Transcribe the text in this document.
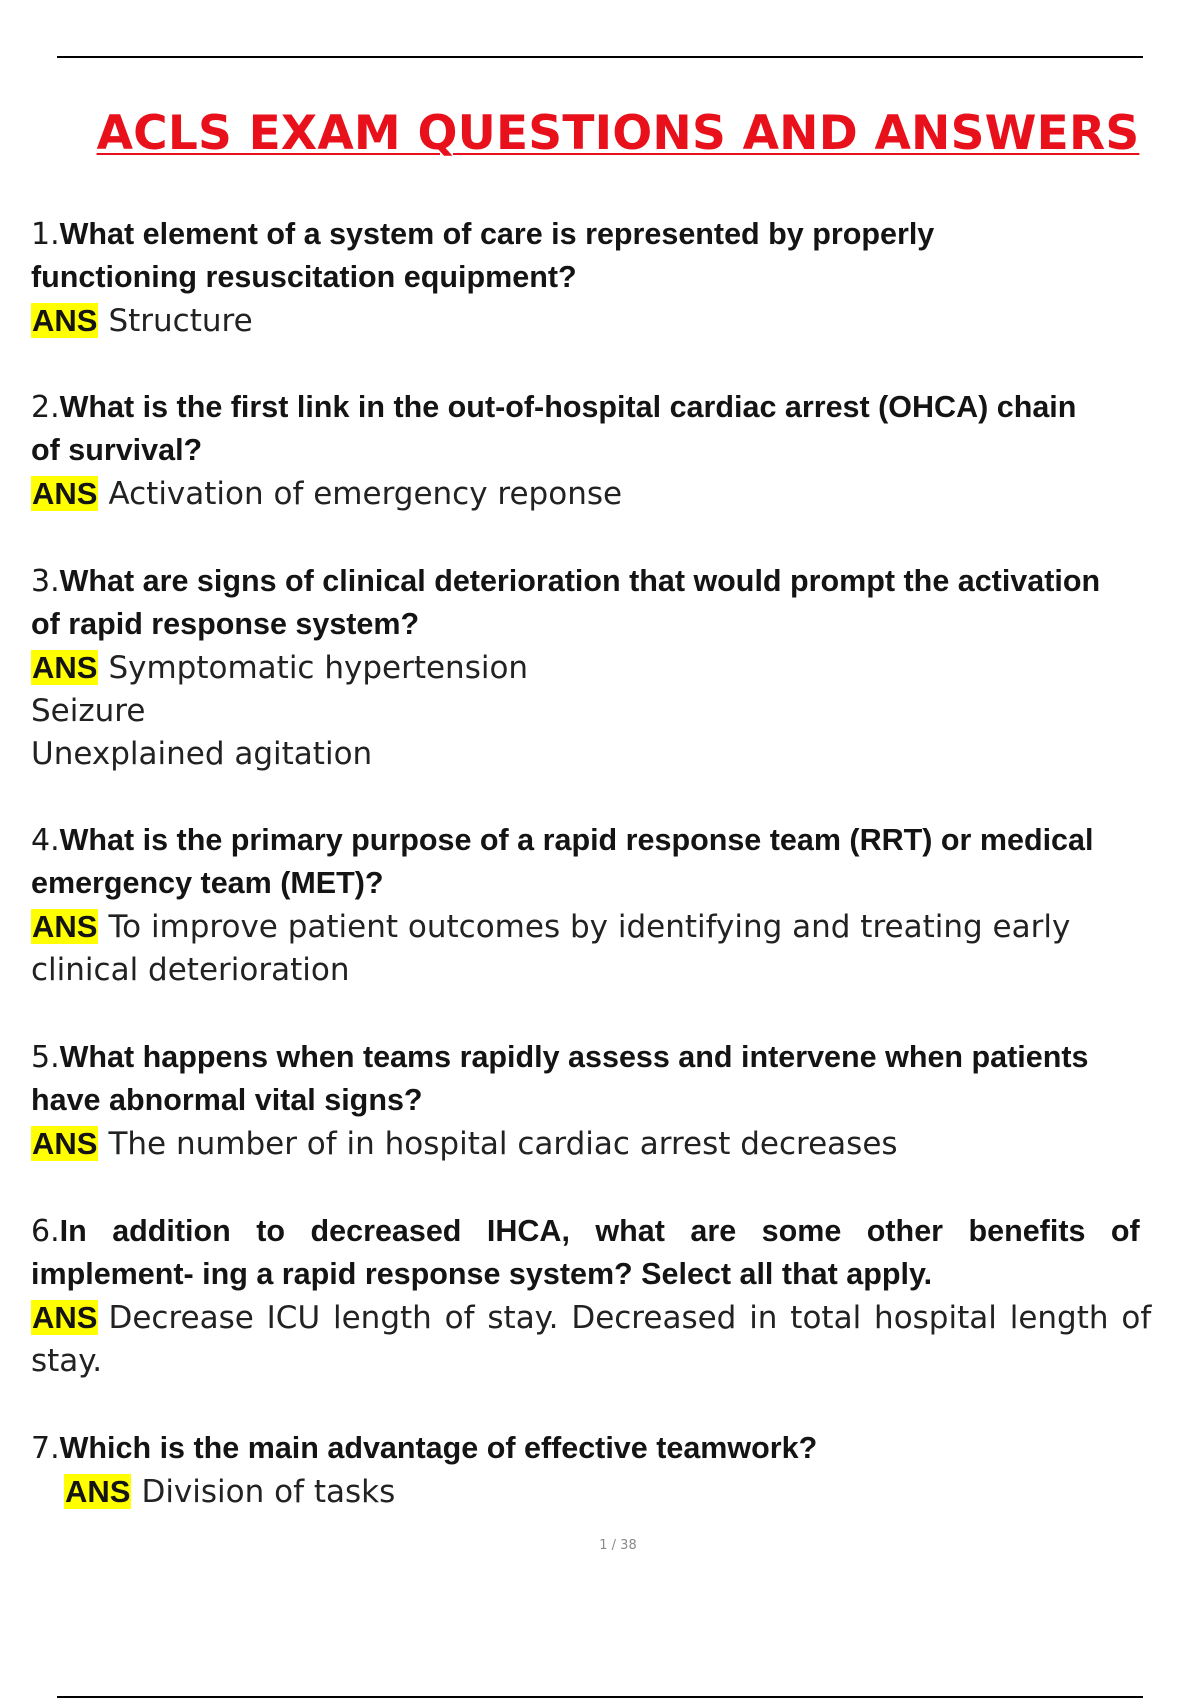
ACLS EXAM QUESTIONS AND ANSWERS
1.What element of a system of care is represented by properly
functioning resuscitation equipment?
ANS Structure
2.What is the first link in the out-of-hospital cardiac arrest (OHCA) chain
of survival?
ANS Activation of emergency reponse
3.What are signs of clinical deterioration that would prompt the activation
of rapid response system?
ANS Symptomatic hypertension
Seizure
Unexplained agitation
4.What is the primary purpose of a rapid response team (RRT) or medical
emergency team (MET)?
ANS To improve patient outcomes by identifying and treating early
clinical deterioration
5.What happens when teams rapidly assess and intervene when patients
have abnormal vital signs?
ANS The number of in hospital cardiac arrest decreases
6.In addition to decreased IHCA, what are some other benefits of
implement- ing a rapid response system? Select all that apply.
ANS Decrease ICU length of stay. Decreased in total hospital length of
stay.
7.Which is the main advantage of effective teamwork?
ANS Division of tasks
1 / 38
